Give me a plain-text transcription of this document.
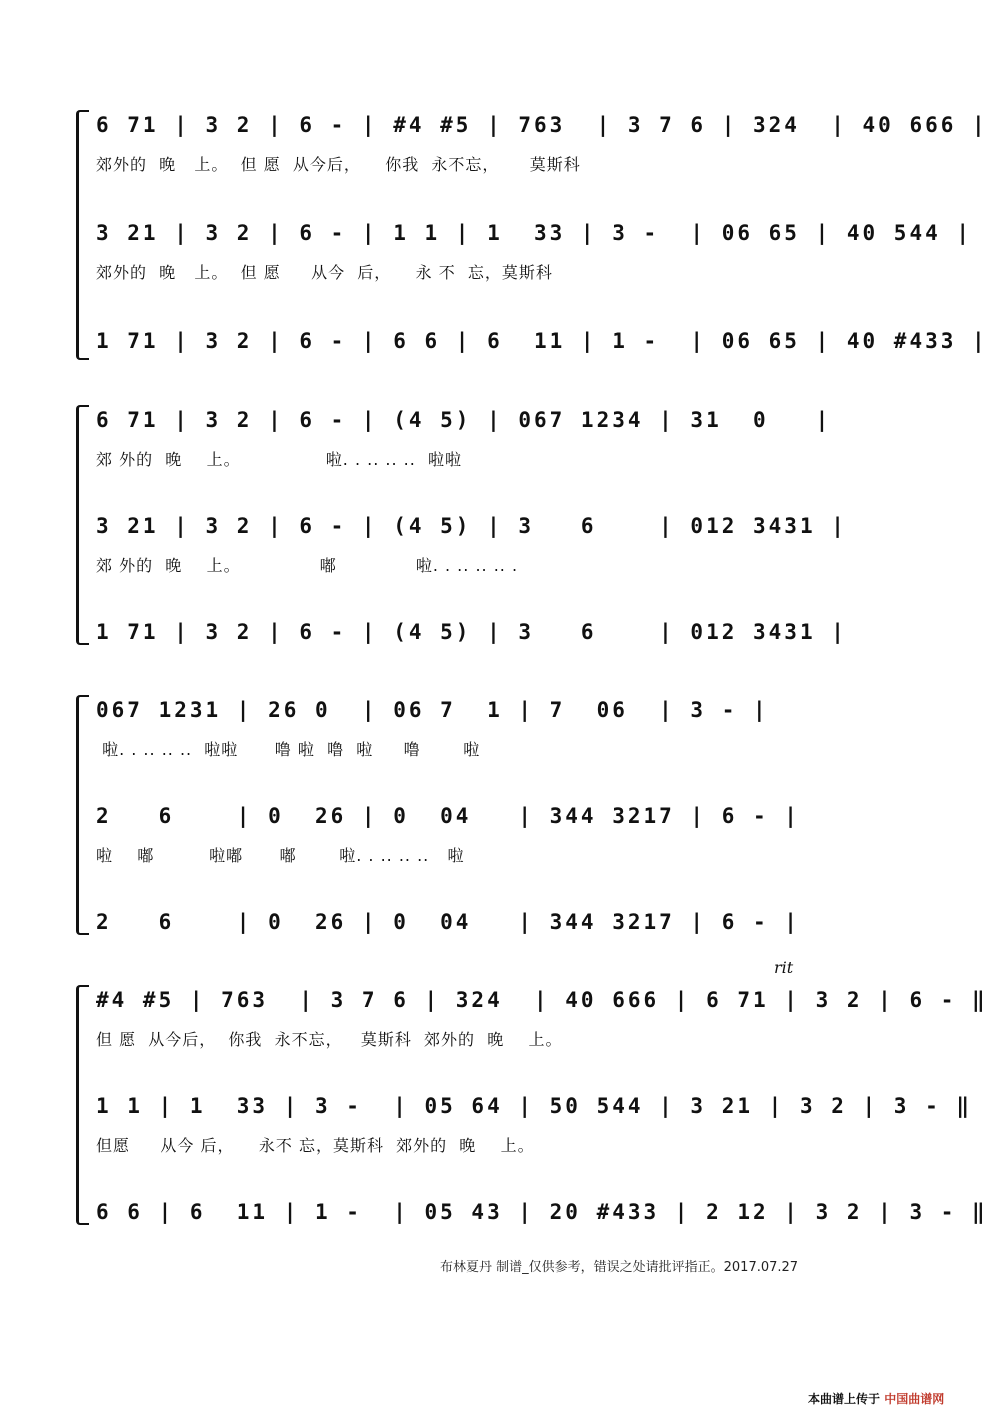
6 71 | 3 2 | 6 - | #4 #5 | 763  | 3 7 6 | 324  | 40 666 |
郊外的  晚   上。  但 愿  从今后，    你我  永不忘，     莫斯科
3 21 | 3 2 | 6 - | 1 1 | 1  33 | 3 -  | 06 65 | 40 544 |
郊外的  晚   上。  但 愿     从今  后，    永 不  忘，莫斯科
1 71 | 3 2 | 6 - | 6 6 | 6  11 | 1 -  | 06 65 | 40 #433 |
6 71 | 3 2 | 6 - | (4 5) | 067 1234 | 31  0   |
郊 外的  晚    上。              啦. . .. .. ..  啦啦
3 21 | 3 2 | 6 - | (4 5) | 3   6    | 012 3431 |
郊 外的  晚    上。             嘟             啦. . .. .. .. .
1 71 | 3 2 | 6 - | (4 5) | 3   6    | 012 3431 |
067 1231 | 26 0  | 06 7  1 | 7  06  | 3 - |
啦. . .. .. ..  啦啦      噜 啦  噜  啦     噜       啦
2   6    | 0  26 | 0  04   | 344 3217 | 6 - |
啦    嘟         啦嘟      嘟       啦. . .. .. ..   啦
2   6    | 0  26 | 0  04   | 344 3217 | 6 - |
rit
#4 #5 | 763  | 3 7 6 | 324  | 40 666 | 6 71 | 3 2 | 6 - ‖
但 愿  从今后，  你我  永不忘，   莫斯科  郊外的  晚    上。
1 1 | 1  33 | 3 -  | 05 64 | 50 544 | 3 21 | 3 2 | 3 - ‖
但愿     从今 后，    永不 忘，莫斯科  郊外的  晚    上。
6 6 | 6  11 | 1 -  | 05 43 | 20 #433 | 2 12 | 3 2 | 3 - ‖
布林夏丹 制谱_仅供参考，错误之处请批评指正。2017.07.27
本曲谱上传于 中国曲谱网
